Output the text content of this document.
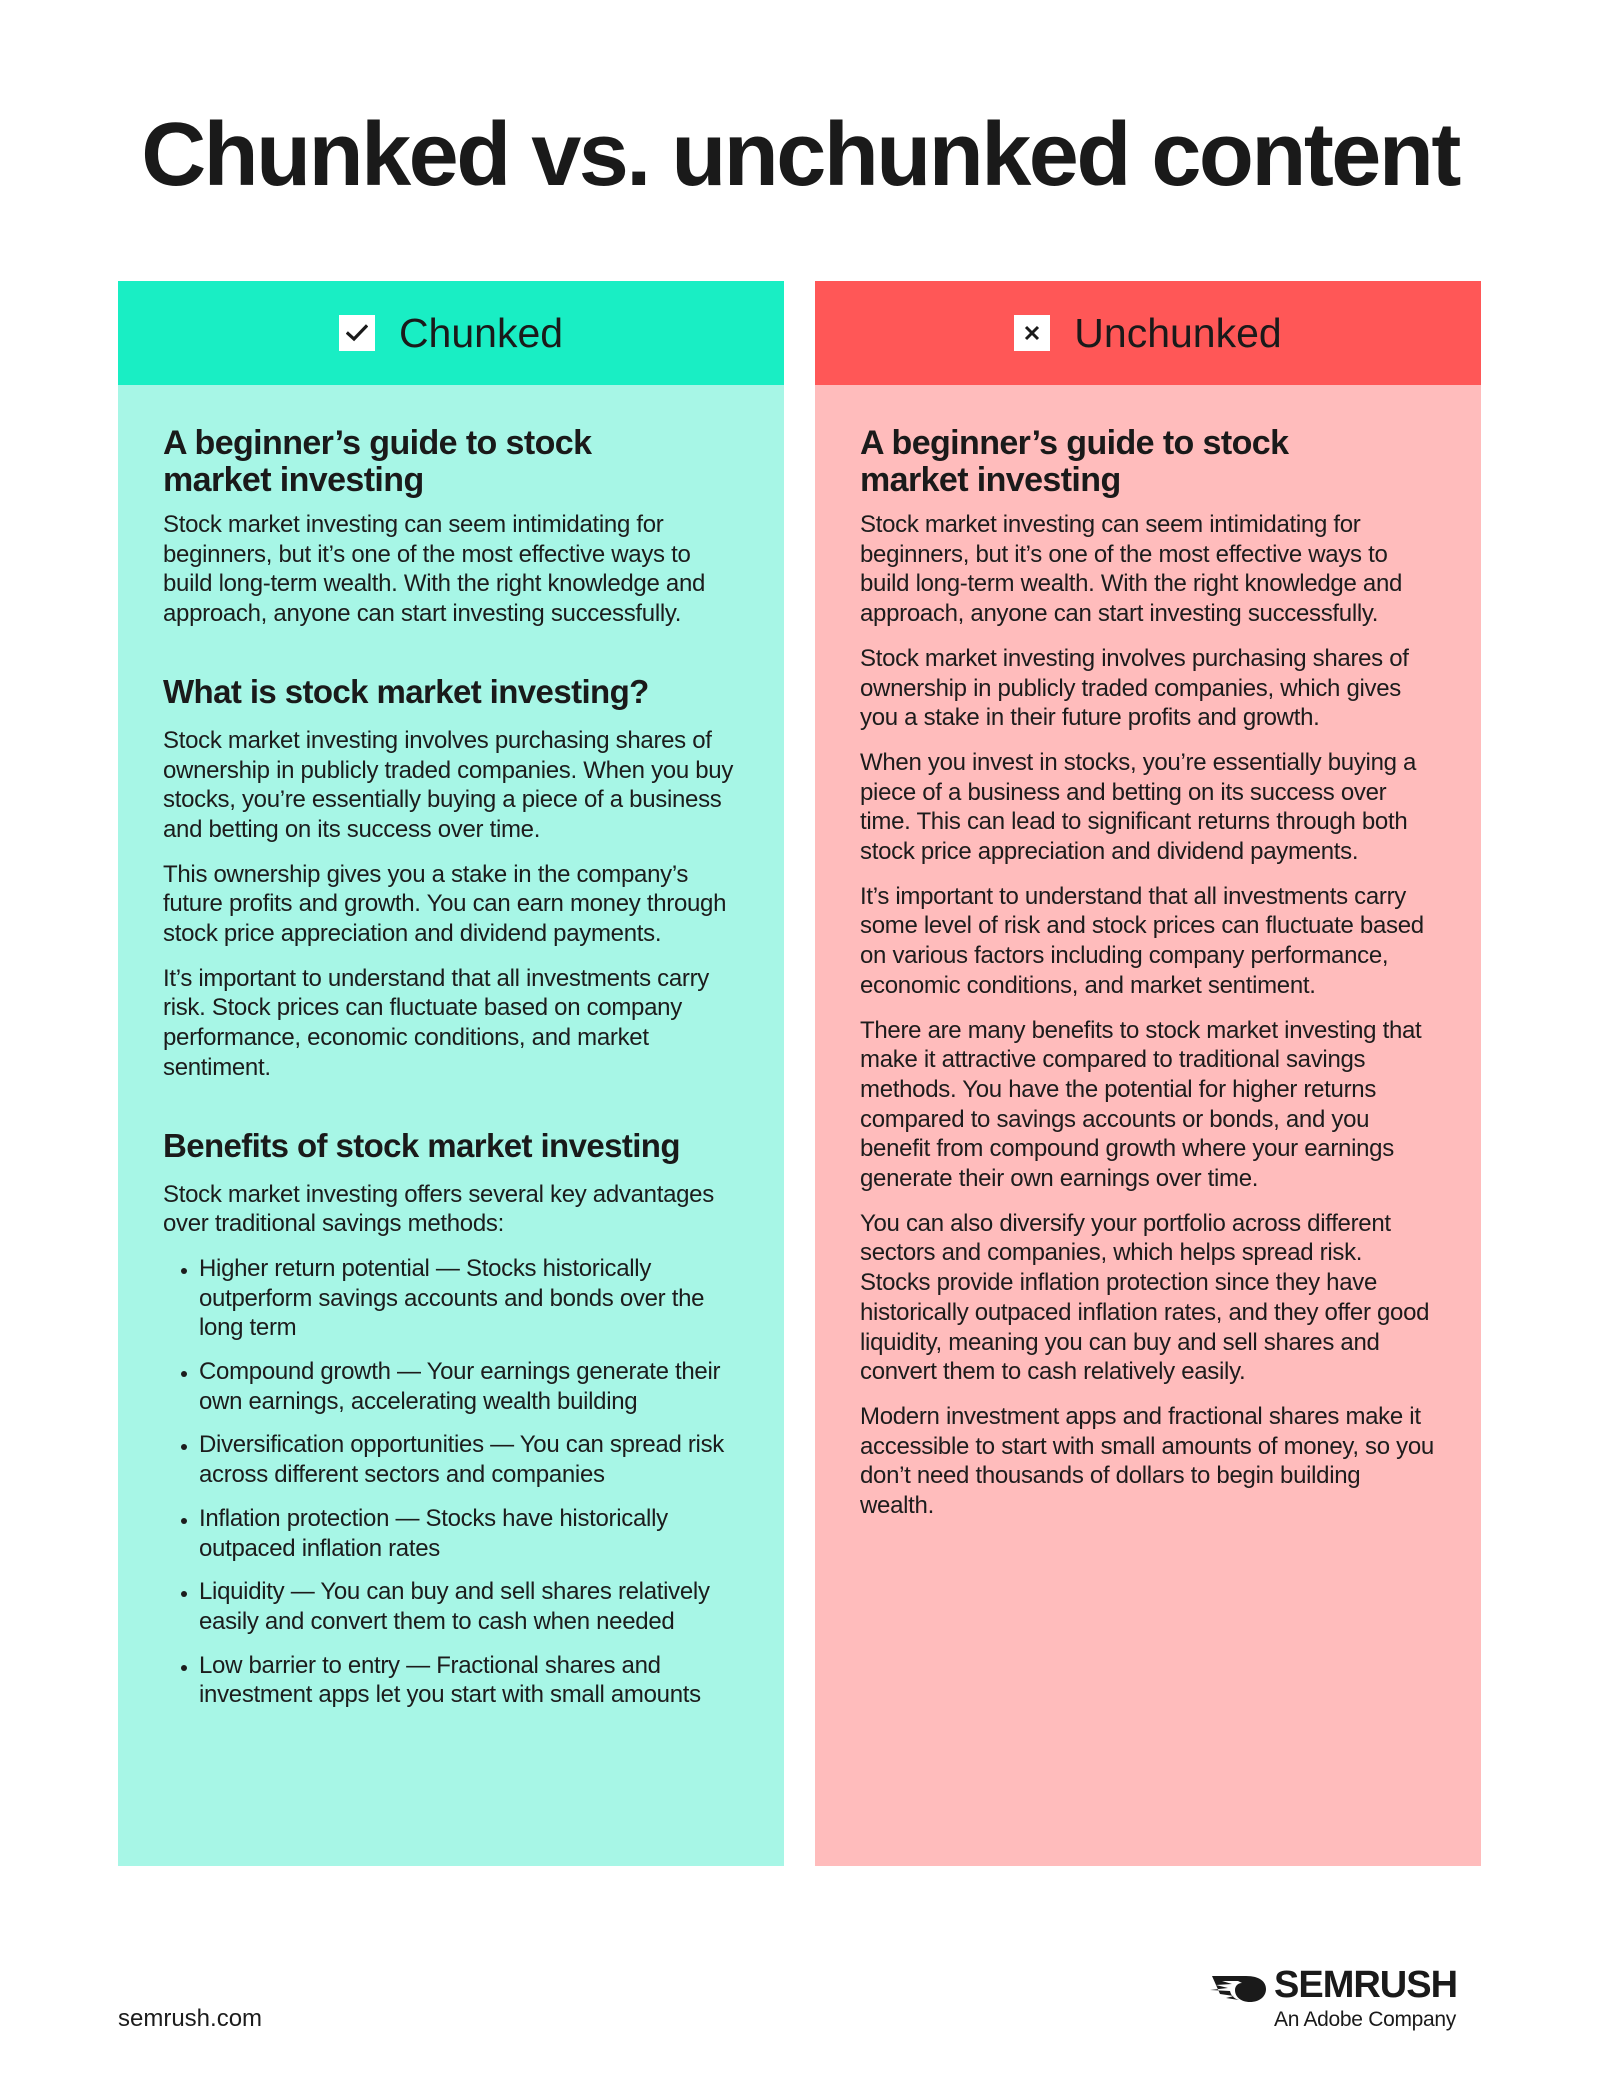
Chunked vs. unchunked content
Chunked
A beginner’s guide to stock market investing

Stock market investing can seem intimidating for beginners, but it’s one of the most effective ways to build long-term wealth. With the right knowledge and approach, anyone can start investing successfully.

What is stock market investing?

Stock market investing involves purchasing shares of ownership in publicly traded companies. When you buy stocks, you’re essentially buying a piece of a business and betting on its success over time.

This ownership gives you a stake in the company’s future profits and growth. You can earn money through stock price appreciation and dividend payments.

It’s important to understand that all investments carry risk. Stock prices can fluctuate based on company performance, economic conditions, and market sentiment.

Benefits of stock market investing

Stock market investing offers several key advantages over traditional savings methods:

• Higher return potential — Stocks historically outperform savings accounts and bonds over the long term
• Compound growth — Your earnings generate their own earnings, accelerating wealth building
• Diversification opportunities — You can spread risk across different sectors and companies
• Inflation protection — Stocks have historically outpaced inflation rates
• Liquidity — You can buy and sell shares relatively easily and convert them to cash when needed
• Low barrier to entry — Fractional shares and investment apps let you start with small amounts
Unchunked
A beginner’s guide to stock market investing

Stock market investing can seem intimidating for beginners, but it’s one of the most effective ways to build long-term wealth. With the right knowledge and approach, anyone can start investing successfully.

Stock market investing involves purchasing shares of ownership in publicly traded companies, which gives you a stake in their future profits and growth.

When you invest in stocks, you’re essentially buying a piece of a business and betting on its success over time. This can lead to significant returns through both stock price appreciation and dividend payments.

It’s important to understand that all investments carry some level of risk and stock prices can fluctuate based on various factors including company performance, economic conditions, and market sentiment.

There are many benefits to stock market investing that make it attractive compared to traditional savings methods. You have the potential for higher returns compared to savings accounts or bonds, and you benefit from compound growth where your earnings generate their own earnings over time.

You can also diversify your portfolio across different sectors and companies, which helps spread risk. Stocks provide inflation protection since they have historically outpaced inflation rates, and they offer good liquidity, meaning you can buy and sell shares and convert them to cash relatively easily.

Modern investment apps and fractional shares make it accessible to start with small amounts of money, so you don’t need thousands of dollars to begin building wealth.

semrush.com
SEMRUSH
An Adobe Company
